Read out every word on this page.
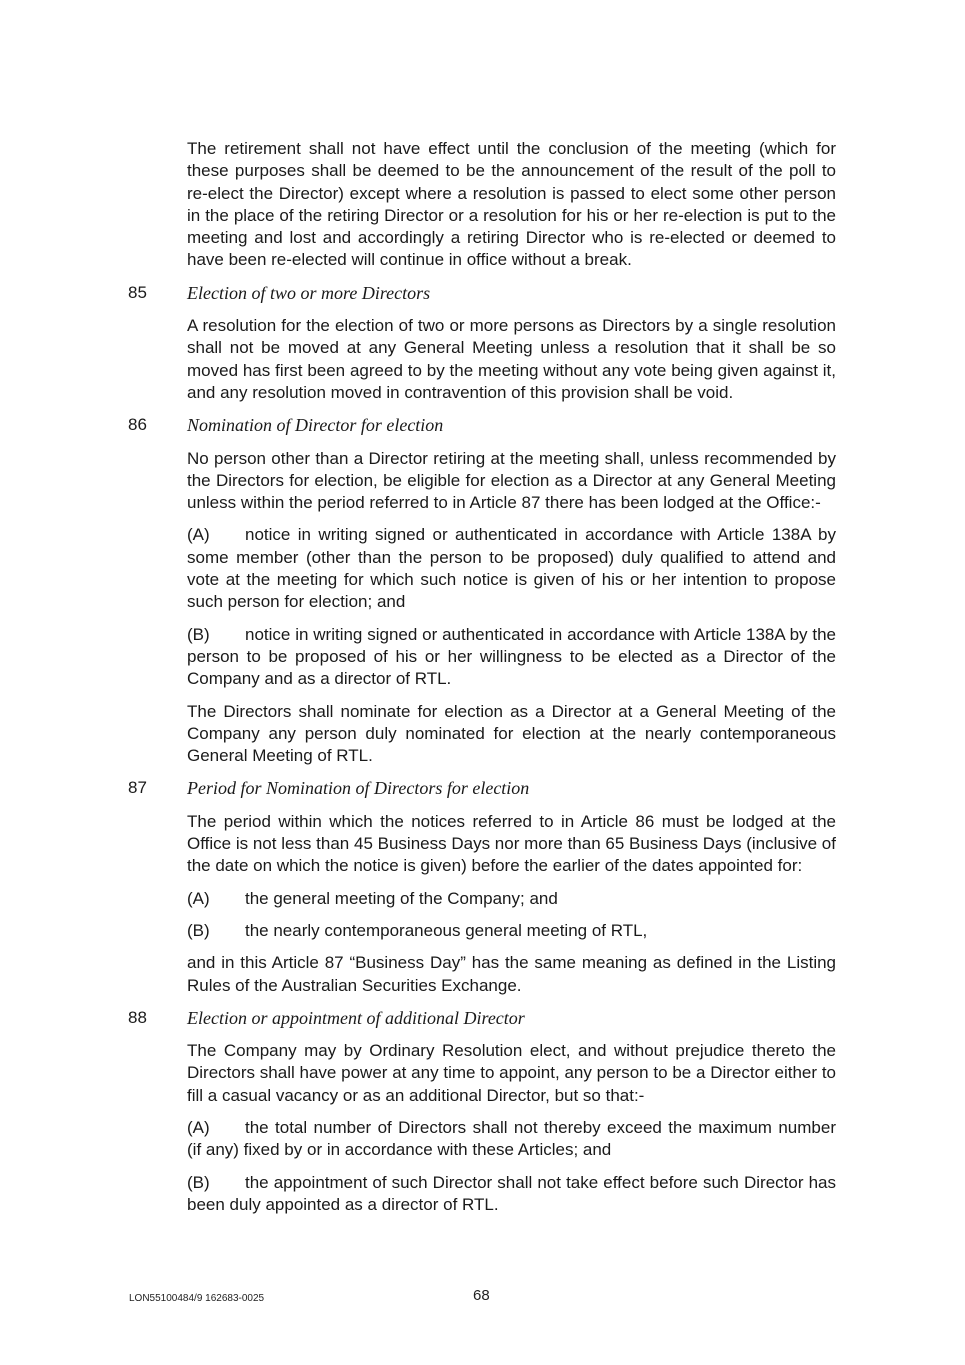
The retirement shall not have effect until the conclusion of the meeting (which for these purposes shall be deemed to be the announcement of the result of the poll to re-elect the Director) except where a resolution is passed to elect some other person in the place of the retiring Director or a resolution for his or her re-election is put to the meeting and lost and accordingly a retiring Director who is re-elected or deemed to have been re-elected will continue in office without a break.

85 Election of two or more Directors

A resolution for the election of two or more persons as Directors by a single resolution shall not be moved at any General Meeting unless a resolution that it shall be so moved has first been agreed to by the meeting without any vote being given against it, and any resolution moved in contravention of this provision shall be void.

86 Nomination of Director for election

No person other than a Director retiring at the meeting shall, unless recommended by the Directors for election, be eligible for election as a Director at any General Meeting unless within the period referred to in Article 87 there has been lodged at the Office:-

(A) notice in writing signed or authenticated in accordance with Article 138A by some member (other than the person to be proposed) duly qualified to attend and vote at the meeting for which such notice is given of his or her intention to propose such person for election; and
(B) notice in writing signed or authenticated in accordance with Article 138A by the person to be proposed of his or her willingness to be elected as a Director of the Company and as a director of RTL.

The Directors shall nominate for election as a Director at a General Meeting of the Company any person duly nominated for election at the nearly contemporaneous General Meeting of RTL.

87 Period for Nomination of Directors for election

The period within which the notices referred to in Article 86 must be lodged at the Office is not less than 45 Business Days nor more than 65 Business Days (inclusive of the date on which the notice is given) before the earlier of the dates appointed for:

(A) the general meeting of the Company; and
(B) the nearly contemporaneous general meeting of RTL,

and in this Article 87 “Business Day” has the same meaning as defined in the Listing Rules of the Australian Securities Exchange.

88 Election or appointment of additional Director

The Company may by Ordinary Resolution elect, and without prejudice thereto the Directors shall have power at any time to appoint, any person to be a Director either to fill a casual vacancy or as an additional Director, but so that:-

(A) the total number of Directors shall not thereby exceed the maximum number (if any) fixed by or in accordance with these Articles; and
(B) the appointment of such Director shall not take effect before such Director has been duly appointed as a director of RTL.
LON55100484/9 162683-0025	68
